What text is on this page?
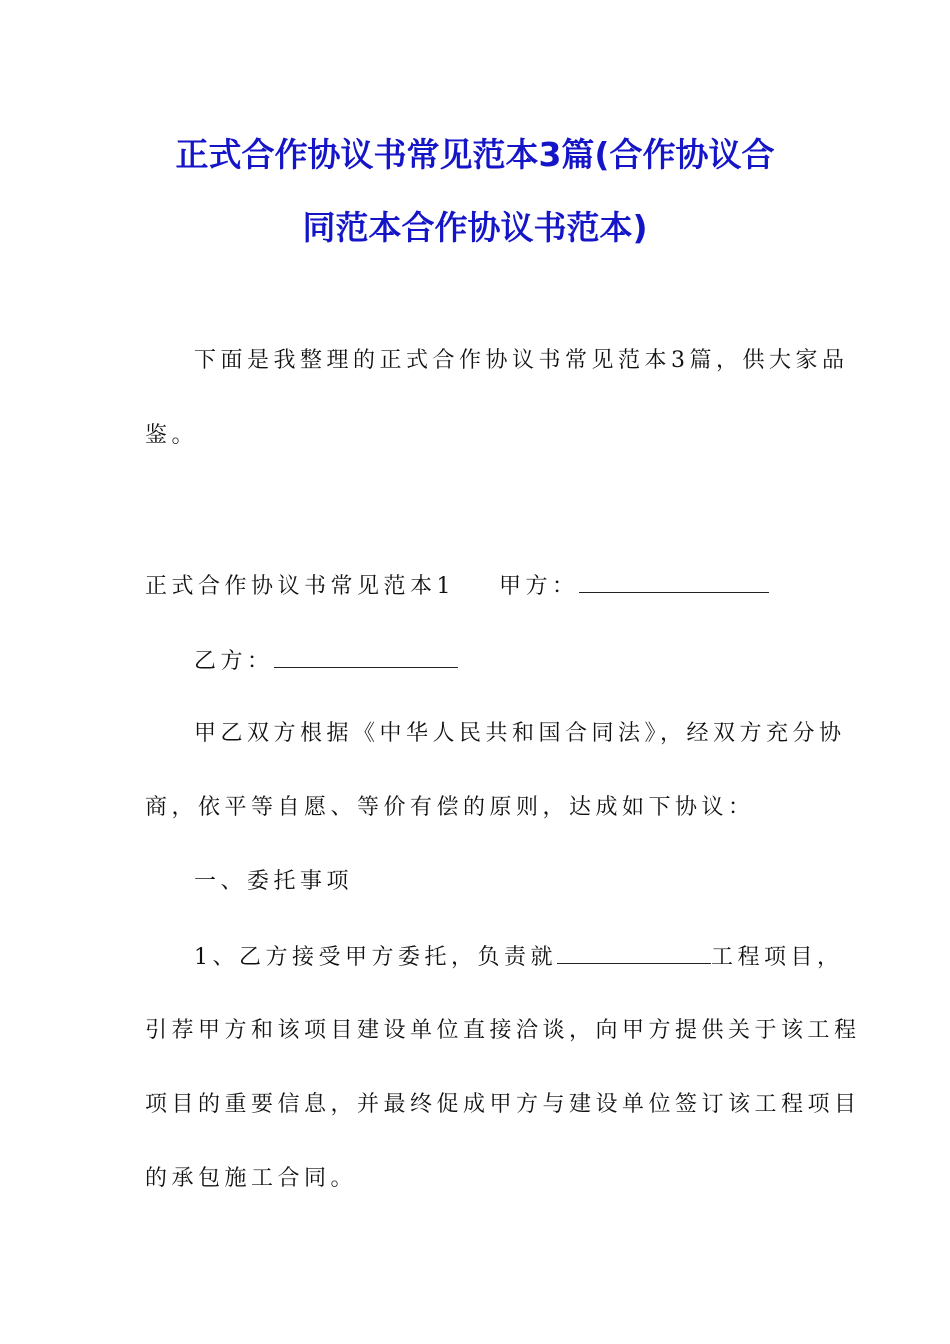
正式合作协议书常见范本3篇(合作协议合
同范本合作协议书范本)
下面是我整理的正式合作协议书常见范本3篇，供大家品
鉴。
正式合作协议书常见范本1 甲方：
乙方：
甲乙双方根据《中华人民共和国合同法》，经双方充分协
商，依平等自愿、等价有偿的原则，达成如下协议：
一、委托事项
1、乙方接受甲方委托，负责就	工程项目，
引荐甲方和该项目建设单位直接洽谈，向甲方提供关于该工程
项目的重要信息，并最终促成甲方与建设单位签订该工程项目
的承包施工合同。
